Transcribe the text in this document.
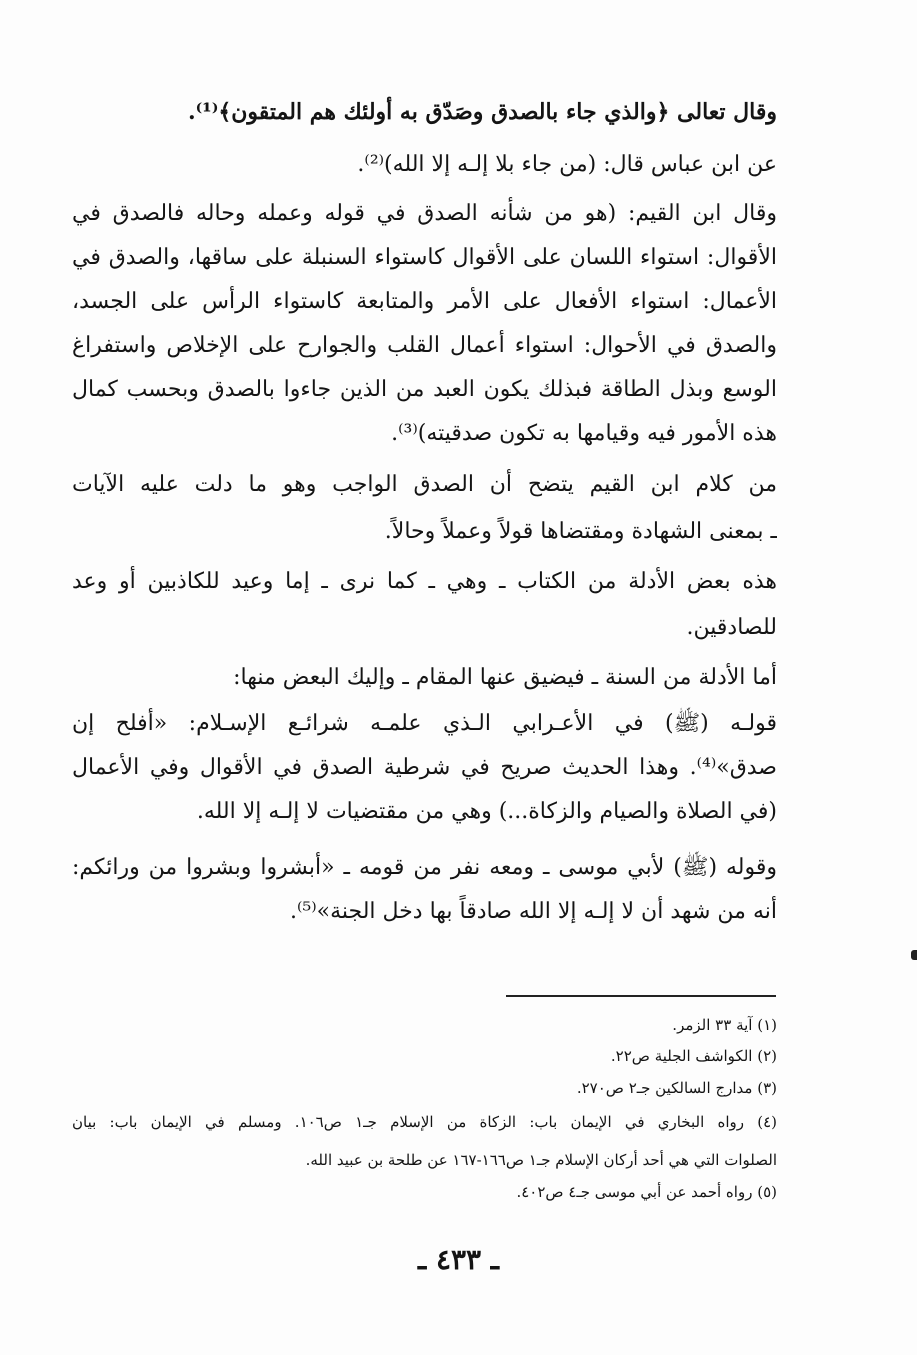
وقال تعالى ﴿والذي جاء بالصدق وصَدّق به أولئك هم المتقون﴾⁽¹⁾.
عن ابن عباس قال: (من جاء بلا إلـه إلا الله)⁽²⁾.
وقال ابن القيم: (هو من شأنه الصدق في قوله وعمله وحاله فالصدق في
الأقوال: استواء اللسان على الأقوال كاستواء السنبلة على ساقها، والصدق في
الأعمال: استواء الأفعال على الأمر والمتابعة كاستواء الرأس على الجسد،
والصدق في الأحوال: استواء أعمال القلب والجوارح على الإخلاص واستفراغ
الوسع وبذل الطاقة فبذلك يكون العبد من الذين جاءوا بالصدق وبحسب كمال
هذه الأمور فيه وقيامها به تكون صدقيته)⁽³⁾.
من كلام ابن القيم يتضح أن الصدق الواجب وهو ما دلت عليه الآيات
ـ بمعنى الشهادة ومقتضاها قولاً وعملاً وحالاً.
هذه بعض الأدلة من الكتاب ـ وهي ـ كما نرى ـ إما وعيد للكاذبين أو وعد
للصادقين.
أما الأدلة من السنة ـ فيضيق عنها المقام ـ وإليك البعض منها:
قولـه (ﷺ) في الأعـرابي الـذي علمـه شرائـع الإسـلام: «أفلح إن
صدق»⁽⁴⁾. وهذا الحديث صريح في شرطية الصدق في الأقوال وفي الأعمال
(في الصلاة والصيام والزكاة...) وهي من مقتضيات لا إلـه إلا الله.
وقوله (ﷺ) لأبي موسى ـ ومعه نفر من قومه ـ «أبشروا وبشروا من ورائكم:
أنه من شهد أن لا إلـه إلا الله صادقاً بها دخل الجنة»⁽⁵⁾.
(١) آية ٣٣ الزمر.
(٢) الكواشف الجلية ص٢٢.
(٣) مدارج السالكين جـ٢ ص٢٧٠.
(٤) رواه البخاري في الإيمان باب: الزكاة من الإسلام جـ١ ص١٠٦. ومسلم في الإيمان باب: بيان
الصلوات التي هي أحد أركان الإسلام جـ١ ص١٦٦-١٦٧ عن طلحة بن عبيد الله.
(٥) رواه أحمد عن أبي موسى جـ٤ ص٤٠٢.
ـ ٤٣٣ ـ
